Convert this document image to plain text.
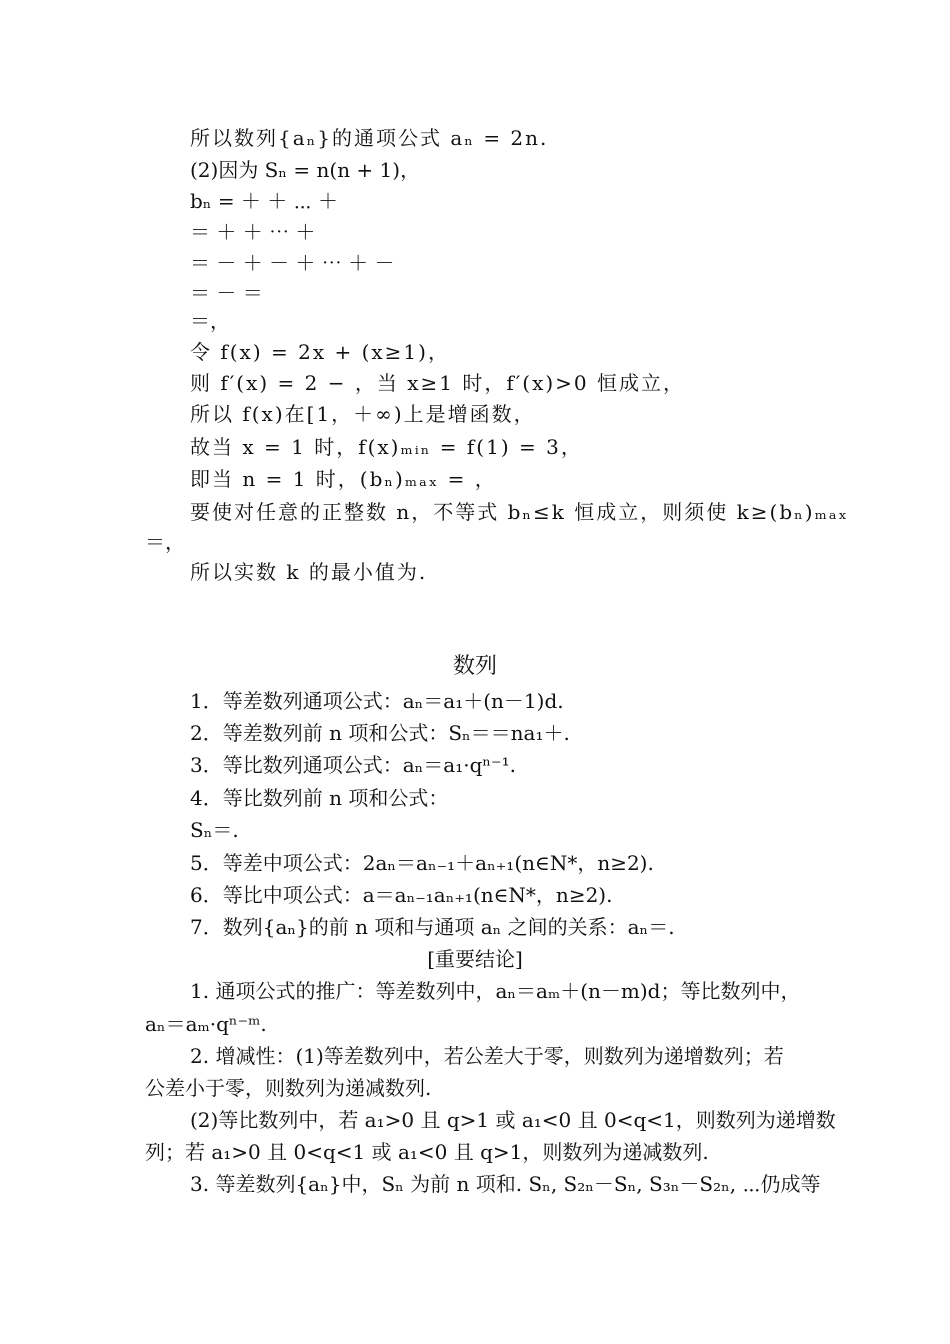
所以数列{aₙ}的通项公式 aₙ = 2n.
(2)因为 Sₙ = n(n + 1)，
bₙ = ＋ ＋ ⋯ ＋
＝ ＋ ＋ ⋯ ＋
＝ － ＋ － ＋ ⋯ ＋ －
＝ － ＝
＝，
令 f(x) = 2x + (x≥1)，
则 f′(x) = 2 − ，当 x≥1 时，f′(x)>0 恒成立，
所以 f(x)在[1，＋∞)上是增函数，
故当 x = 1 时，f(x)ₘᵢₙ = f(1) = 3，
即当 n = 1 时，(bₙ)ₘₐₓ = ，
要使对任意的正整数 n，不等式 bₙ≤k 恒成立，则须使 k≥(bₙ)ₘₐₓ
＝，
所以实数 k 的最小值为.
数列
1．等差数列通项公式：aₙ＝a₁＋(n－1)d.
2．等差数列前 n 项和公式：Sₙ＝＝na₁＋.
3．等比数列通项公式：aₙ＝a₁·qⁿ⁻¹.
4．等比数列前 n 项和公式：
Sₙ＝.
5．等差中项公式：2aₙ＝aₙ₋₁＋aₙ₊₁(n∈N*，n≥2).
6．等比中项公式：a＝aₙ₋₁aₙ₊₁(n∈N*，n≥2).
7．数列{aₙ}的前 n 项和与通项 aₙ 之间的关系：aₙ＝.
[重要结论]
1. 通项公式的推广：等差数列中，aₙ＝aₘ＋(n－m)d；等比数列中，
aₙ＝aₘ·qⁿ⁻ᵐ.
2. 增减性：(1)等差数列中，若公差大于零，则数列为递增数列；若
公差小于零，则数列为递减数列.
(2)等比数列中，若 a₁>0 且 q>1 或 a₁<0 且 0<q<1，则数列为递增数
列；若 a₁>0 且 0<q<1 或 a₁<0 且 q>1，则数列为递减数列.
3. 等差数列{aₙ}中，Sₙ 为前 n 项和. Sₙ, S₂ₙ－Sₙ, S₃ₙ－S₂ₙ, ⋯仍成等
